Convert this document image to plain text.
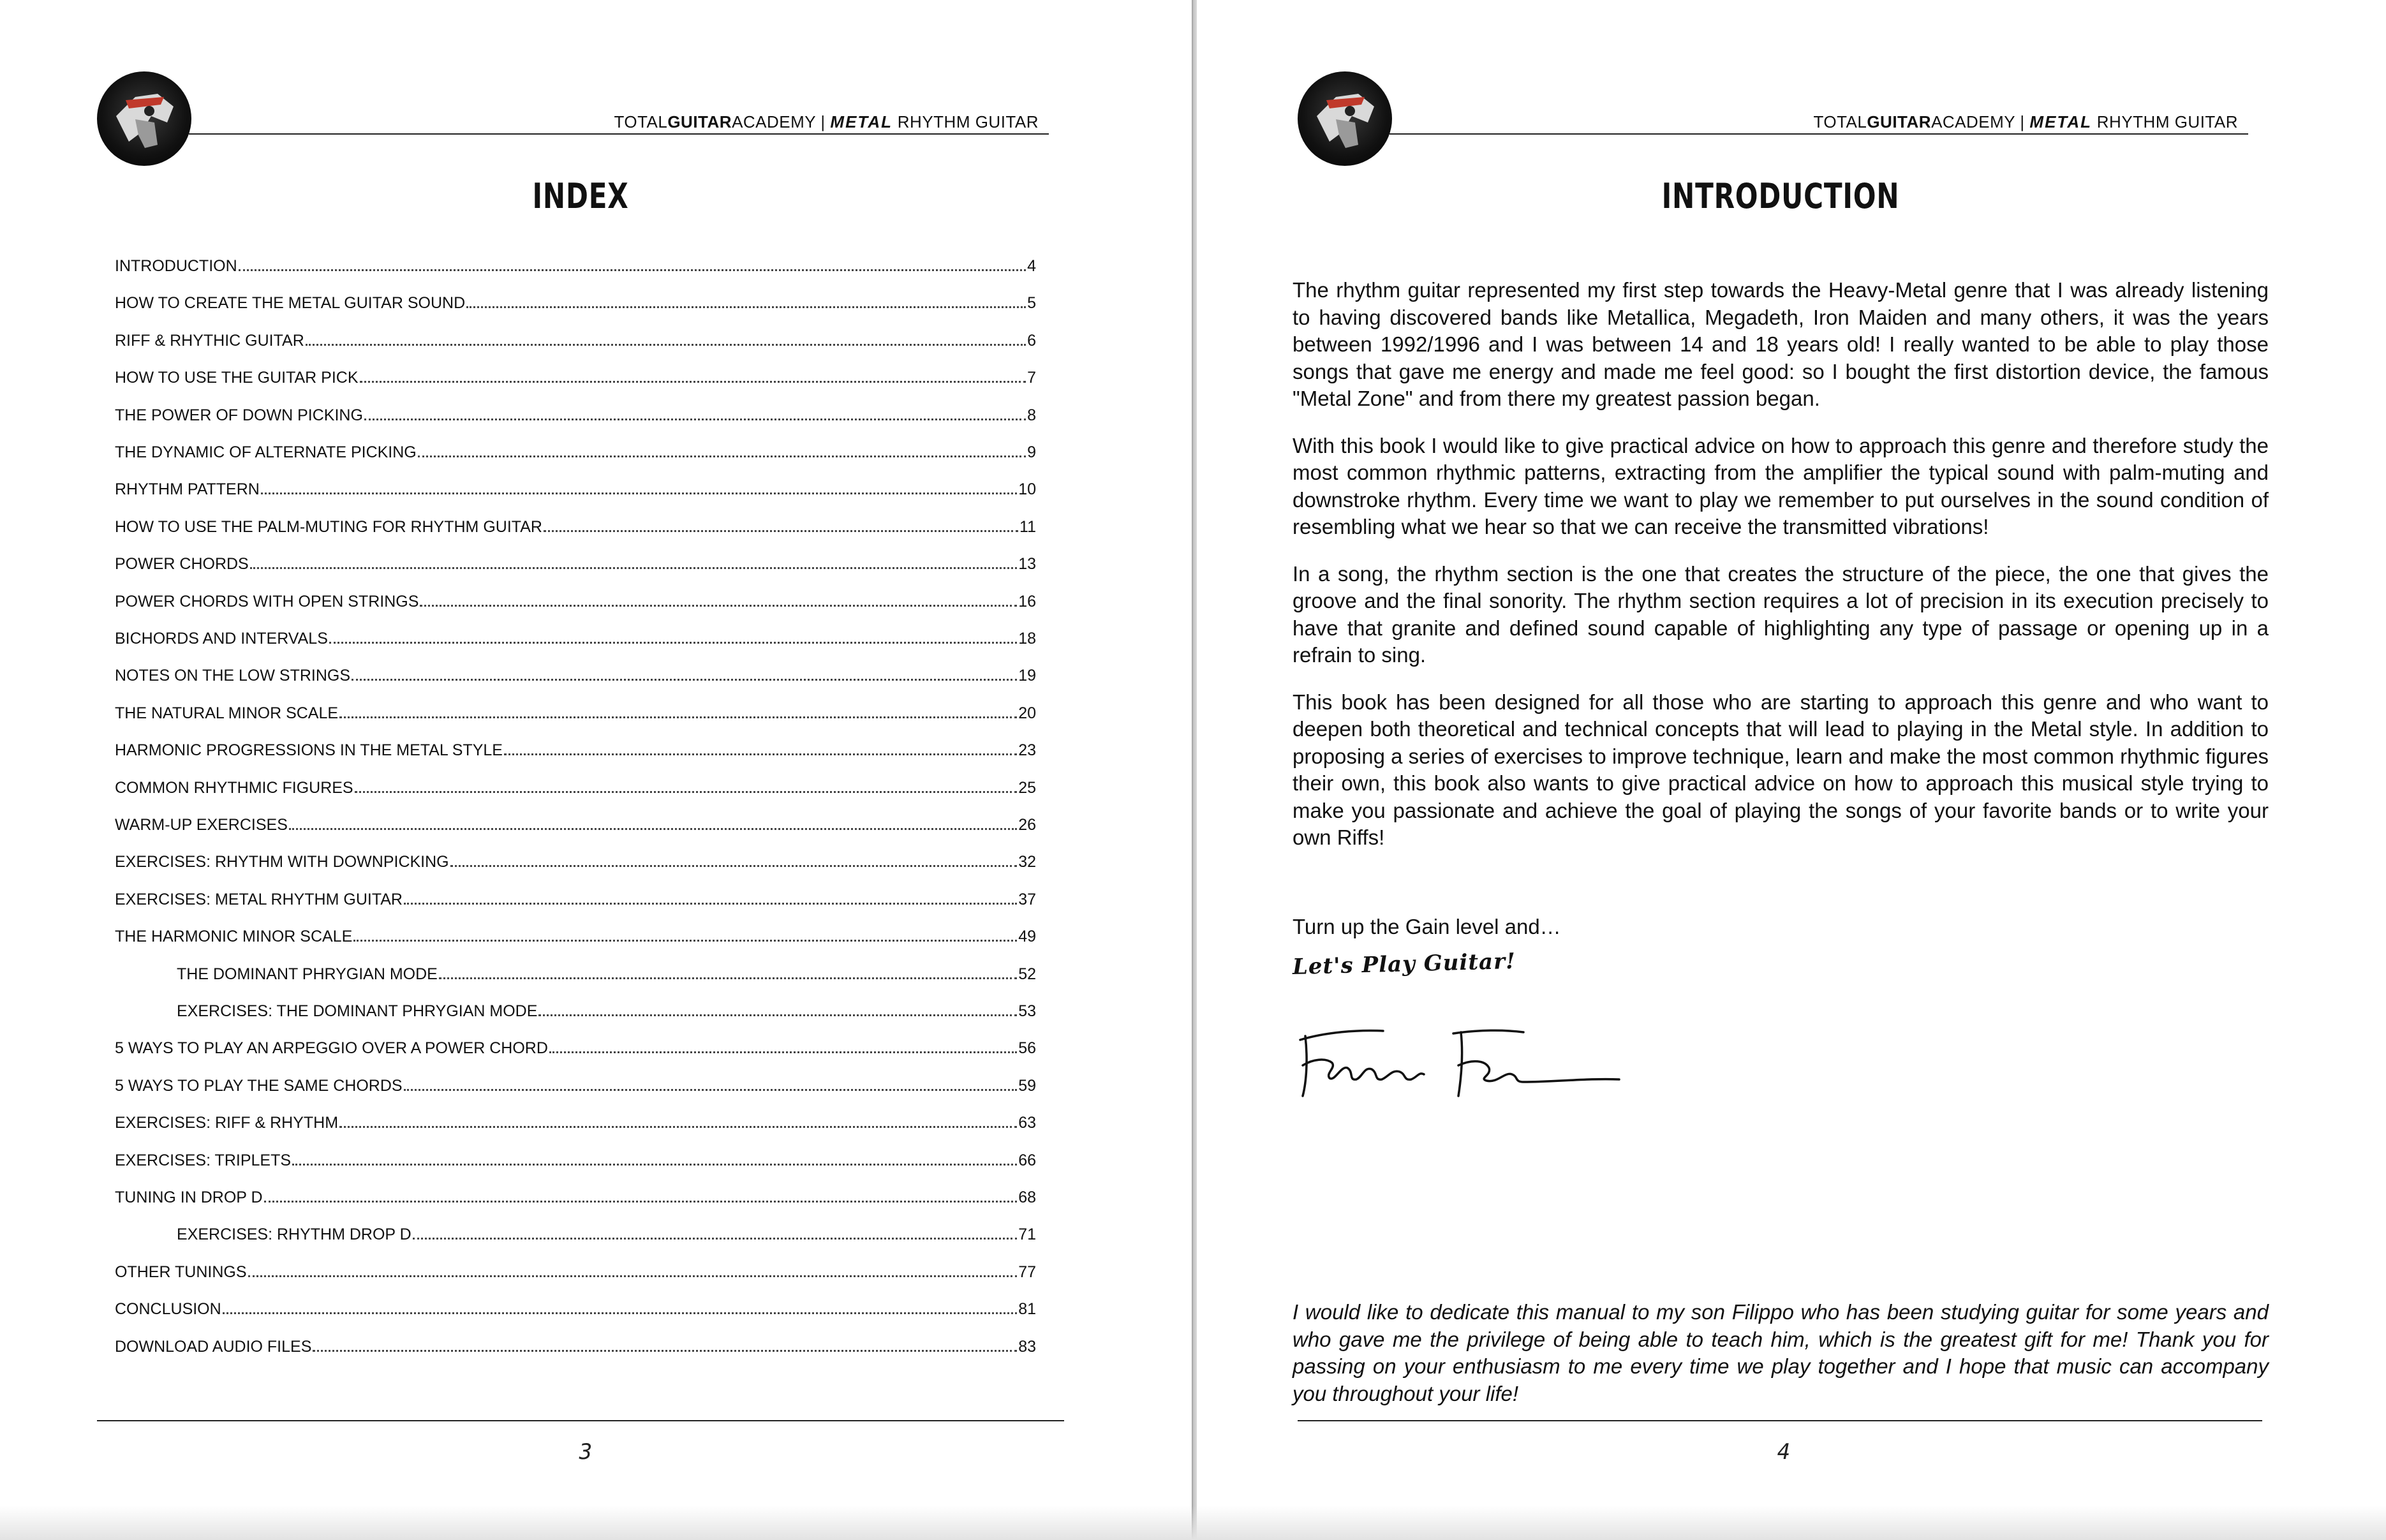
TOTALGUITARACADEMY | METAL RHYTHM GUITAR
INDEX
INTRODUCTION	4
HOW TO CREATE THE METAL GUITAR SOUND	5
RIFF & RHYTHIC GUITAR	6
HOW TO USE THE GUITAR PICK	7
THE POWER OF DOWN PICKING	8
THE DYNAMIC OF ALTERNATE PICKING	9
RHYTHM PATTERN	10
HOW TO USE THE PALM-MUTING FOR RHYTHM GUITAR	11
POWER CHORDS	13
POWER CHORDS WITH OPEN STRINGS	16
BICHORDS AND INTERVALS	18
NOTES ON THE LOW STRINGS	19
THE NATURAL MINOR SCALE	20
HARMONIC PROGRESSIONS IN THE METAL STYLE	23
COMMON RHYTHMIC FIGURES	25
WARM-UP EXERCISES	26
EXERCISES: RHYTHM WITH DOWNPICKING	32
EXERCISES: METAL RHYTHM GUITAR	37
THE HARMONIC MINOR SCALE	49
THE DOMINANT PHRYGIAN MODE	52
EXERCISES: THE DOMINANT PHRYGIAN MODE	53
5 WAYS TO PLAY AN ARPEGGIO OVER A POWER CHORD	56
5 WAYS TO PLAY THE SAME CHORDS	59
EXERCISES: RIFF & RHYTHM	63
EXERCISES: TRIPLETS	66
TUNING IN DROP D	68
EXERCISES: RHYTHM DROP D	71
OTHER TUNINGS	77
CONCLUSION	81
DOWNLOAD AUDIO FILES	83
3
TOTALGUITARACADEMY | METAL RHYTHM GUITAR
INTRODUCTION

The rhythm guitar represented my first step towards the Heavy-Metal genre that I was already listening to having discovered bands like Metallica, Megadeth, Iron Maiden and many others, it was the years between 1992/1996 and I was between 14 and 18 years old! I really wanted to be able to play those songs that gave me energy and made me feel good: so I bought the first distortion device, the famous "Metal Zone" and from there my greatest passion began.

With this book I would like to give practical advice on how to approach this genre and therefore study the most common rhythmic patterns, extracting from the amplifier the typical sound with palm-muting and downstroke rhythm. Every time we want to play we remember to put ourselves in the sound condition of resembling what we hear so that we can receive the transmitted vibrations!

In a song, the rhythm section is the one that creates the structure of the piece, the one that gives the groove and the final sonority. The rhythm section requires a lot of precision in its execution precisely to have that granite and defined sound capable of highlighting any type of passage or opening up in a refrain to sing.

This book has been designed for all those who are starting to approach this genre and who want to deepen both theoretical and technical concepts that will lead to playing in the Metal style. In addition to proposing a series of exercises to improve technique, learn and make the most common rhythmic figures their own, this book also wants to give practical advice on how to approach this musical style trying to make you passionate and achieve the goal of playing the songs of your favorite bands or to write your own Riffs!

Turn up the Gain level and…
Let's Play Guitar!
I would like to dedicate this manual to my son Filippo who has been studying guitar for some years and who gave me the privilege of being able to teach him, which is the greatest gift for me! Thank you for passing on your enthusiasm to me every time we play together and I hope that music can accompany you throughout your life!
4
